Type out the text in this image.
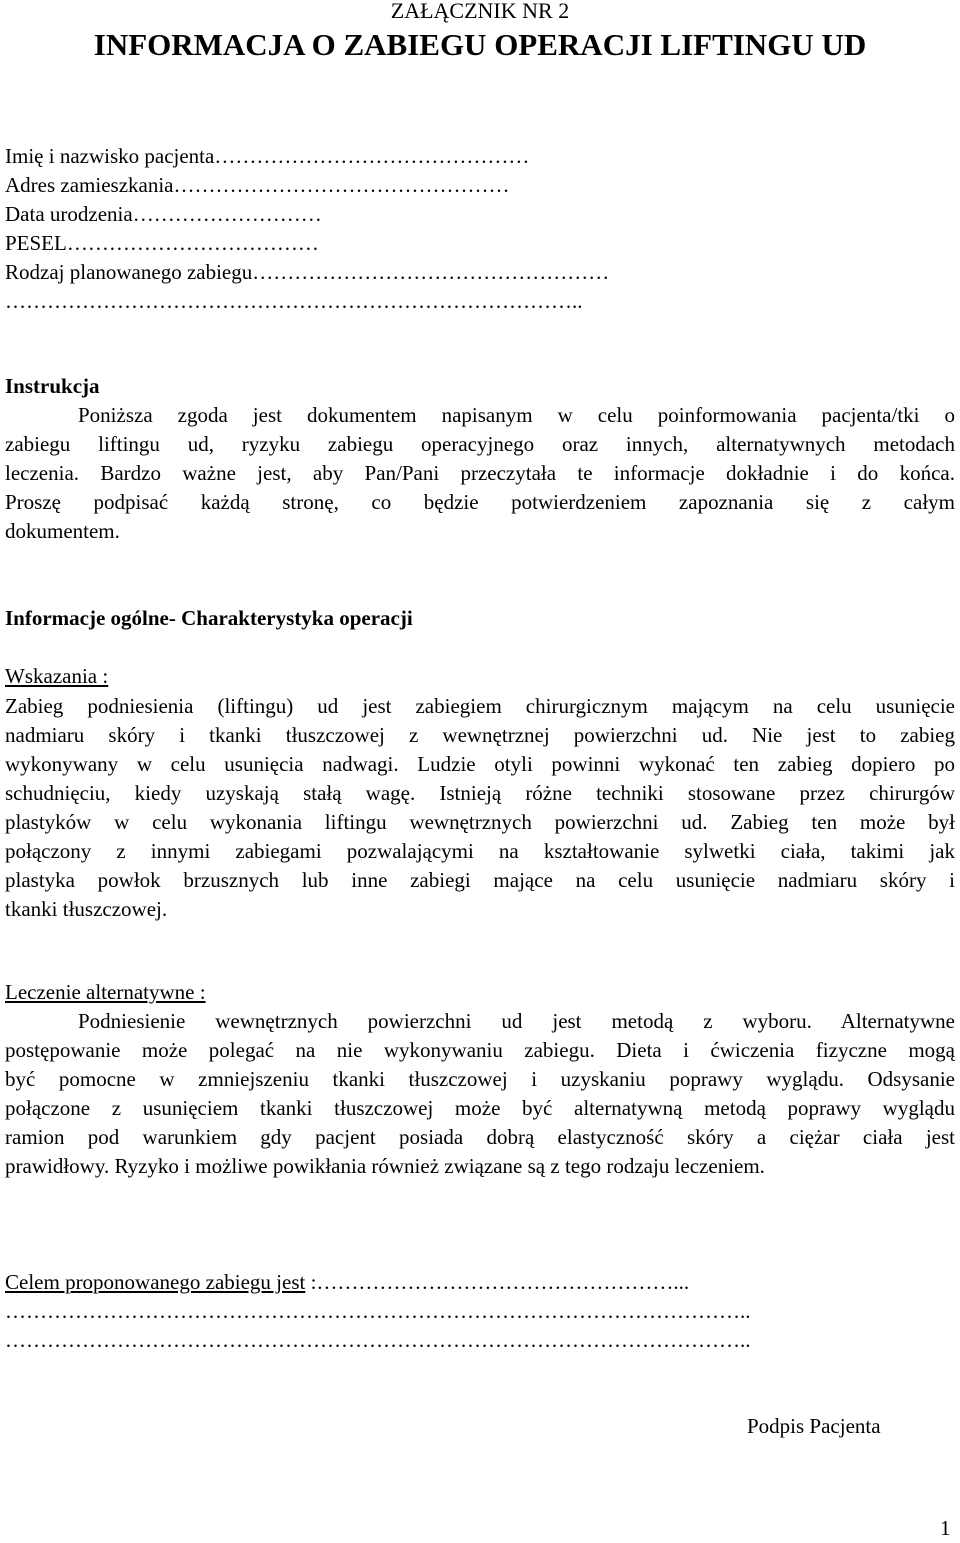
ZAŁĄCZNIK NR 2
INFORMACJA O ZABIEGU OPERACJI LIFTINGU UD
Imię i nazwisko pacjenta………………………………………
Adres zamieszkania…………………………………………
Data urodzenia………………………
PESEL………………………………
Rodzaj planowanego zabiegu……………………………………………
………………………………………………………………………..
Instrukcja
Poniższa zgoda jest dokumentem napisanym w celu poinformowania pacjenta/tki o
zabiegu liftingu ud, ryzyku zabiegu operacyjnego oraz innych, alternatywnych metodach
leczenia. Bardzo ważne jest, aby Pan/Pani przeczytała te informacje dokładnie i do końca.
Proszę podpisać każdą stronę, co będzie potwierdzeniem zapoznania się z całym
dokumentem.
Informacje ogólne- Charakterystyka operacji
Wskazania :
Zabieg podniesienia (liftingu) ud jest zabiegiem chirurgicznym mającym na celu usunięcie
nadmiaru skóry i tkanki tłuszczowej z wewnętrznej powierzchni ud. Nie jest to zabieg
wykonywany w celu usunięcia nadwagi. Ludzie otyli powinni wykonać ten zabieg dopiero po
schudnięciu, kiedy uzyskają stałą wagę. Istnieją różne techniki stosowane przez chirurgów
plastyków w celu wykonania liftingu wewnętrznych powierzchni ud. Zabieg ten może był
połączony z innymi zabiegami pozwalającymi na kształtowanie sylwetki ciała, takimi jak
plastyka powłok brzusznych lub inne zabiegi mające na celu usunięcie nadmiaru skóry i
tkanki tłuszczowej.
Leczenie alternatywne :
Podniesienie wewnętrznych powierzchni ud jest metodą z wyboru. Alternatywne
postępowanie może polegać na nie wykonywaniu zabiegu. Dieta i ćwiczenia fizyczne mogą
być pomocne w zmniejszeniu tkanki tłuszczowej i uzyskaniu poprawy wyglądu. Odsysanie
połączone z usunięciem tkanki tłuszczowej może być alternatywną metodą poprawy wyglądu
ramion pod warunkiem gdy pacjent posiada dobrą elastyczność skóry a ciężar ciała jest
prawidłowy. Ryzyko i możliwe powikłania również związane są z tego rodzaju leczeniem.
Celem proponowanego zabiegu jest :……………………………………………...
……………………………………………………………………………………………..
……………………………………………………………………………………………..
Podpis Pacjenta
1
